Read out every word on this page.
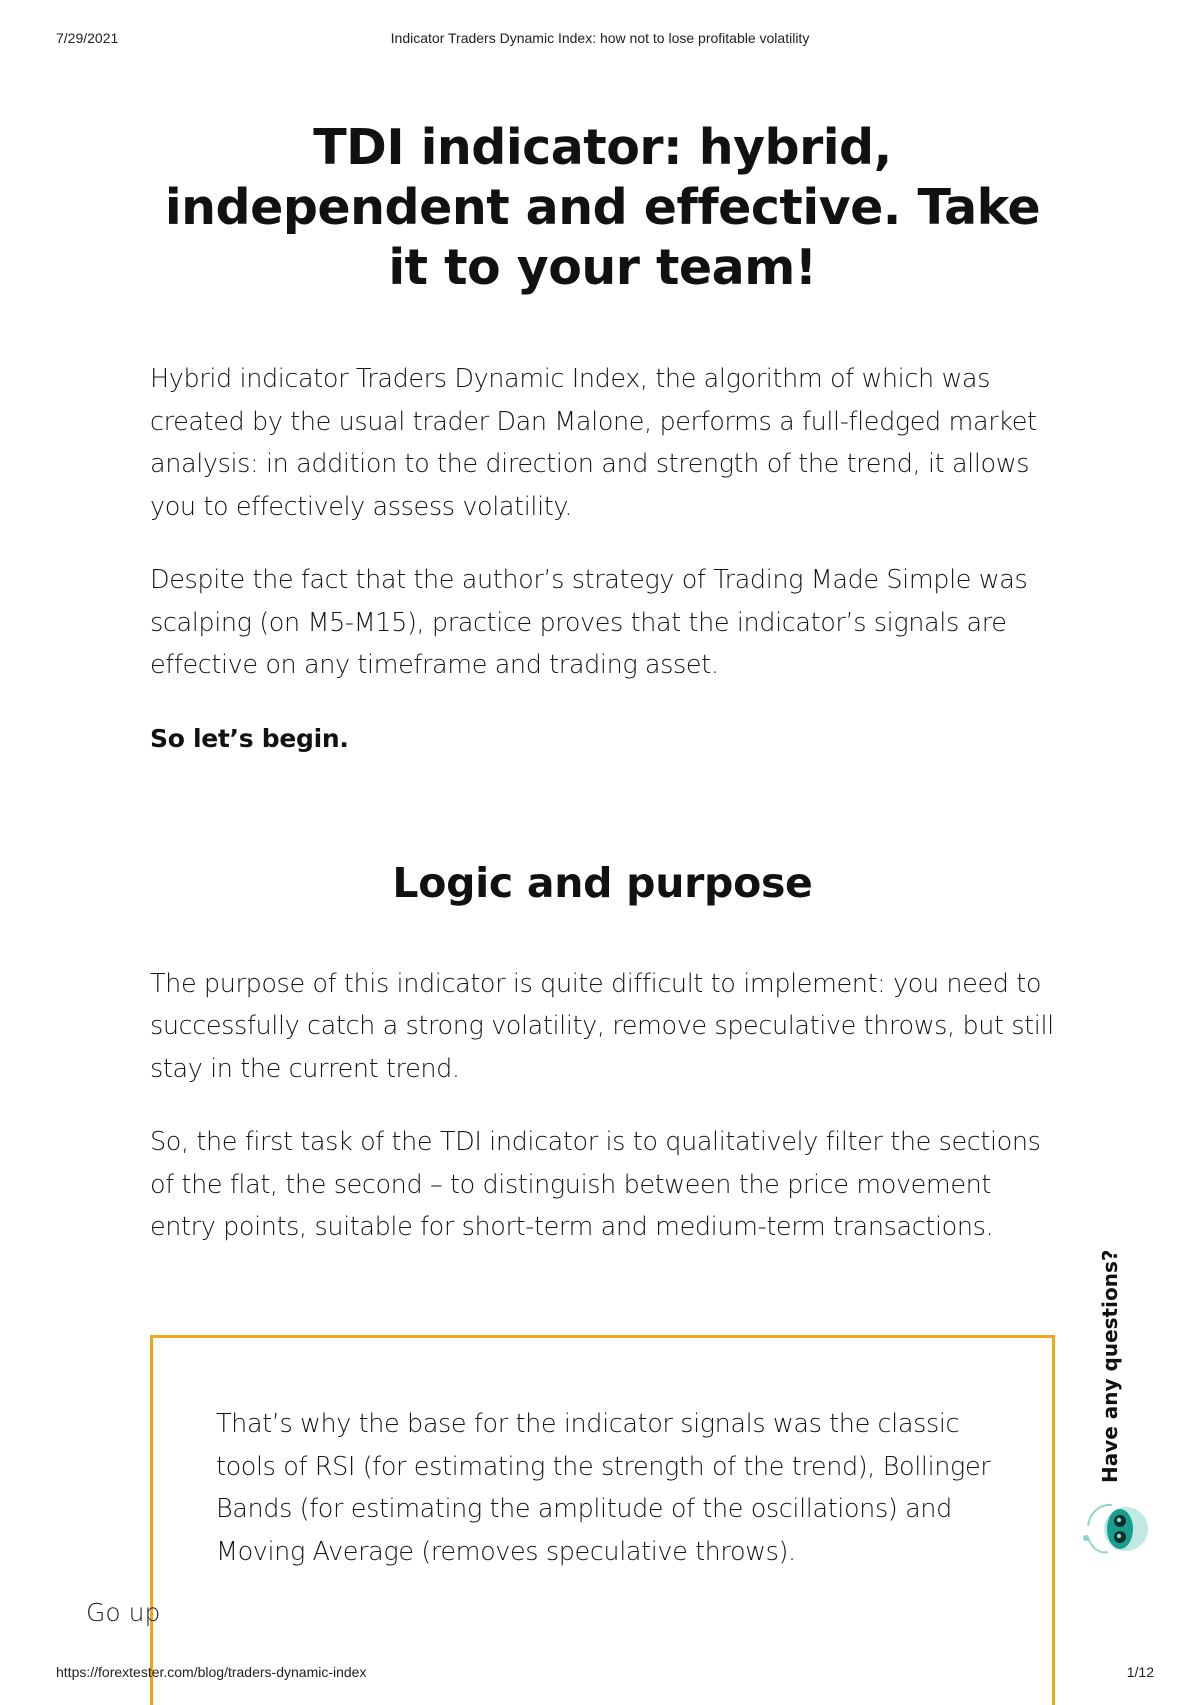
7/29/2021	Indicator Traders Dynamic Index: how not to lose profitable volatility
TDI indicator: hybrid, independent and effective. Take it to your team!

Hybrid indicator Traders Dynamic Index, the algorithm of which was created by the usual trader Dan Malone, performs a full-fledged market analysis: in addition to the direction and strength of the trend, it allows you to effectively assess volatility.

Despite the fact that the author’s strategy of Trading Made Simple was scalping (on M5-M15), practice proves that the indicator’s signals are effective on any timeframe and trading asset.

So let’s begin.

Logic and purpose

The purpose of this indicator is quite difficult to implement: you need to successfully catch a strong volatility, remove speculative throws, but still stay in the current trend.

So, the first task of the TDI indicator is to qualitatively filter the sections of the flat, the second – to distinguish between the price movement entry points, suitable for short-term and medium-term transactions.

That’s why the base for the indicator signals was the classic tools of RSI (for estimating the strength of the trend), Bollinger Bands (for estimating the amplitude of the oscillations) and Moving Average (removes speculative throws).
Go up
Have any questions?
https://forextester.com/blog/traders-dynamic-index	1/12
